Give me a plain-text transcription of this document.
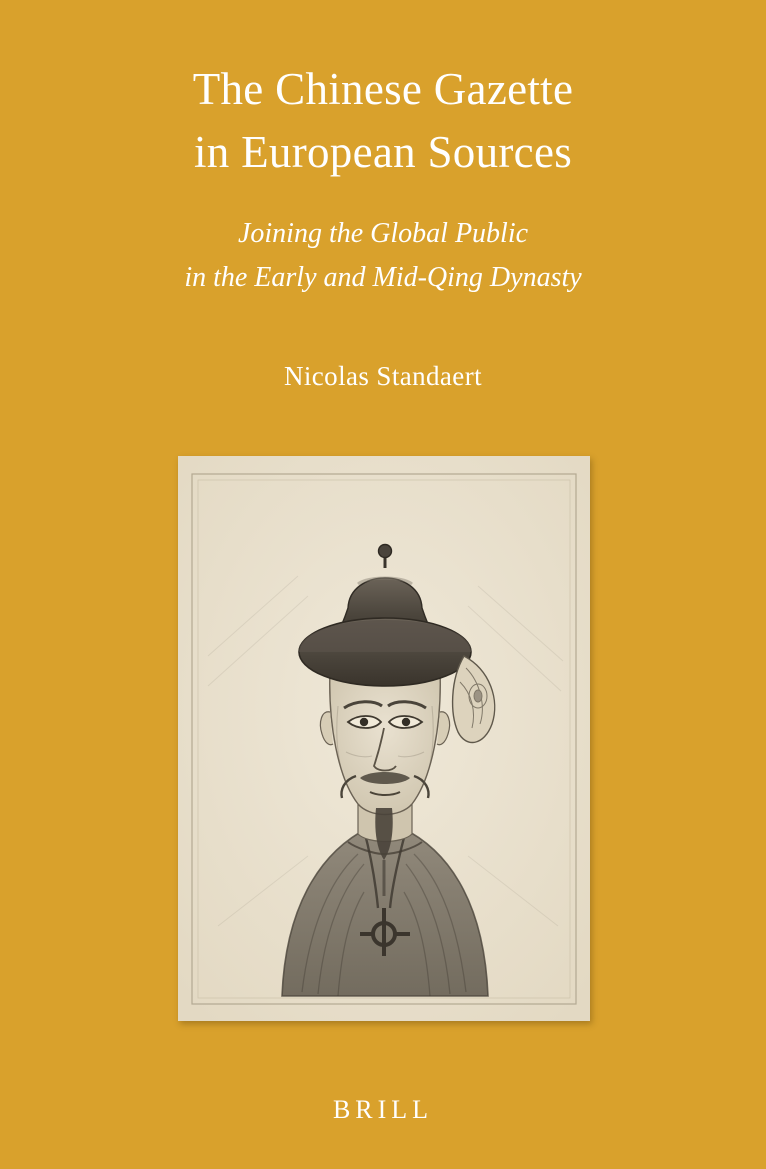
The Chinese Gazette
in European Sources
Joining the Global Public
in the Early and Mid-Qing Dynasty
Nicolas Standaert
BRILL
